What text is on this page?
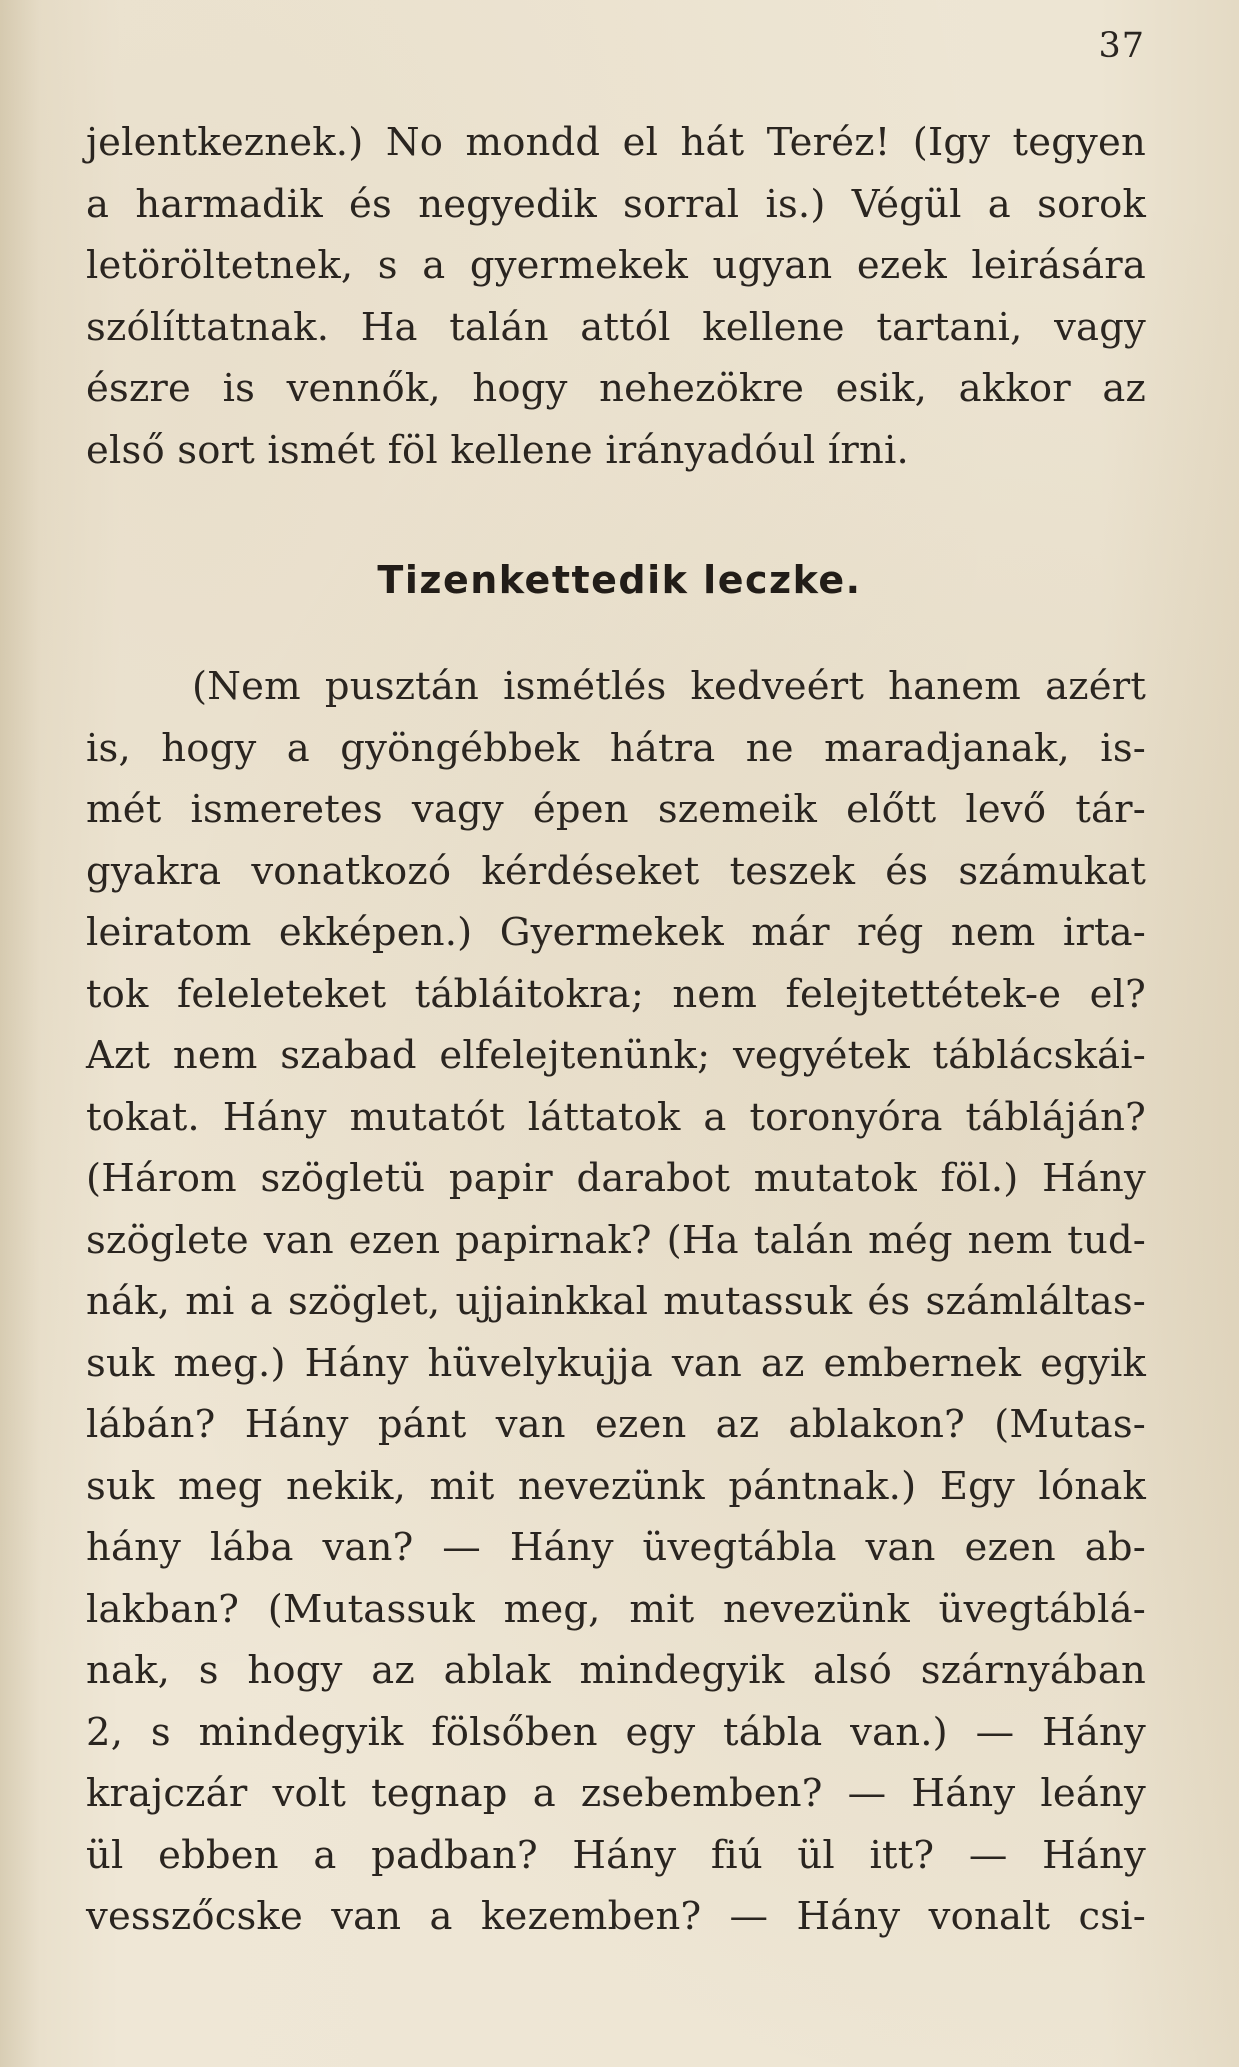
37
jelentkeznek.) No mondd el hát Teréz! (Igy tegyen
a harmadik és negyedik sorral is.) Végül a sorok
letöröltetnek, s a gyermekek ugyan ezek leirására
szólíttatnak. Ha talán attól kellene tartani, vagy
észre is vennők, hogy nehezökre esik, akkor az
első sort ismét föl kellene irányadóul írni.
Tizenkettedik leczke.
(Nem pusztán ismétlés kedveért hanem azért
is, hogy a gyöngébbek hátra ne maradjanak, is-
mét ismeretes vagy épen szemeik előtt levő tár-
gyakra vonatkozó kérdéseket teszek és számukat
leiratom ekképen.) Gyermekek már rég nem irta-
tok feleleteket tábláitokra; nem felejtettétek-e el?
Azt nem szabad elfelejtenünk; vegyétek táblácskái-
tokat. Hány mutatót láttatok a toronyóra tábláján?
(Három szögletü papir darabot mutatok föl.) Hány
szöglete van ezen papirnak? (Ha talán még nem tud-
nák, mi a szöglet, ujjainkkal mutassuk és számláltas-
suk meg.) Hány hüvelykujja van az embernek egyik
lábán? Hány pánt van ezen az ablakon? (Mutas-
suk meg nekik, mit nevezünk pántnak.) Egy lónak
hány lába van? — Hány üvegtábla van ezen ab-
lakban? (Mutassuk meg, mit nevezünk üvegtáblá-
nak, s hogy az ablak mindegyik alsó szárnyában
2, s mindegyik fölsőben egy tábla van.) — Hány
krajczár volt tegnap a zsebemben? — Hány leány
ül ebben a padban? Hány fiú ül itt? — Hány
vesszőcske van a kezemben? — Hány vonalt csi-
